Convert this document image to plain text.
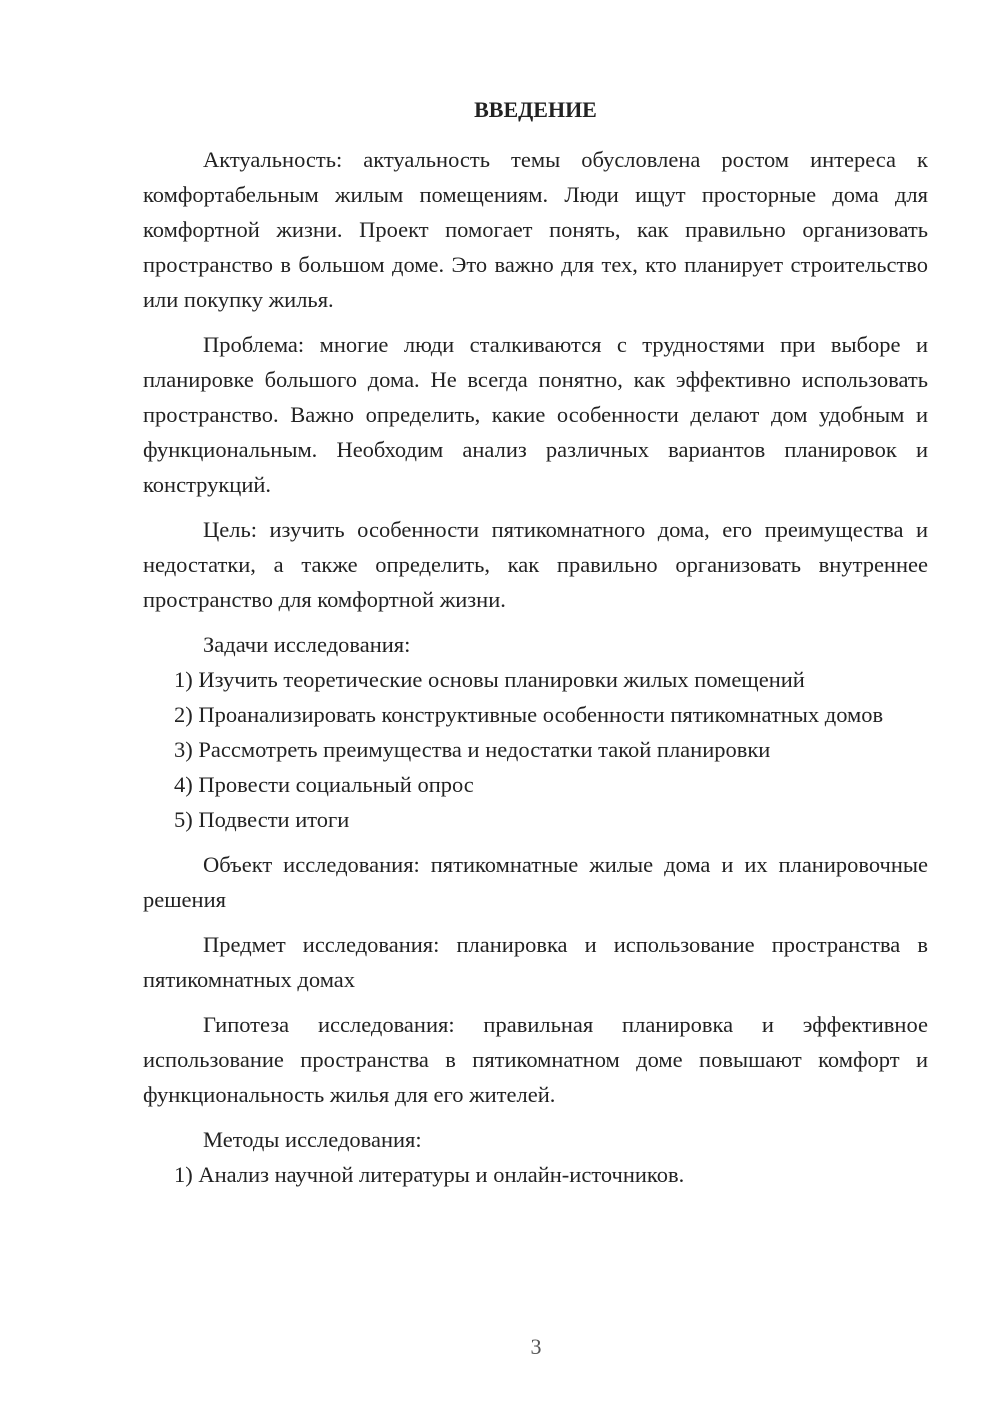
ВВЕДЕНИЕ

Актуальность: актуальность темы обусловлена ростом интереса к комфортабельным жилым помещениям. Люди ищут просторные дома для комфортной жизни. Проект помогает понять, как правильно организовать пространство в большом доме. Это важно для тех, кто планирует строительство или покупку жилья.

Проблема: многие люди сталкиваются с трудностями при выборе и планировке большого дома. Не всегда понятно, как эффективно использовать пространство. Важно определить, какие особенности делают дом удобным и функциональным. Необходим анализ различных вариантов планировок и конструкций.

Цель: изучить особенности пятикомнатного дома, его преимущества и недостатки, а также определить, как правильно организовать внутреннее пространство для комфортной жизни.

Задачи исследования:

1) Изучить теоретические основы планировки жилых помещений

2) Проанализировать конструктивные особенности пятикомнатных домов

3) Рассмотреть преимущества и недостатки такой планировки

4) Провести социальный опрос

5) Подвести итоги

Объект исследования: пятикомнатные жилые дома и их планировочные решения

Предмет исследования: планировка и использование пространства в пятикомнатных домах

Гипотеза исследования: правильная планировка и эффективное использование пространства в пятикомнатном доме повышают комфорт и функциональность жилья для его жителей.

Методы исследования:

1) Анализ научной литературы и онлайн-источников.

3
